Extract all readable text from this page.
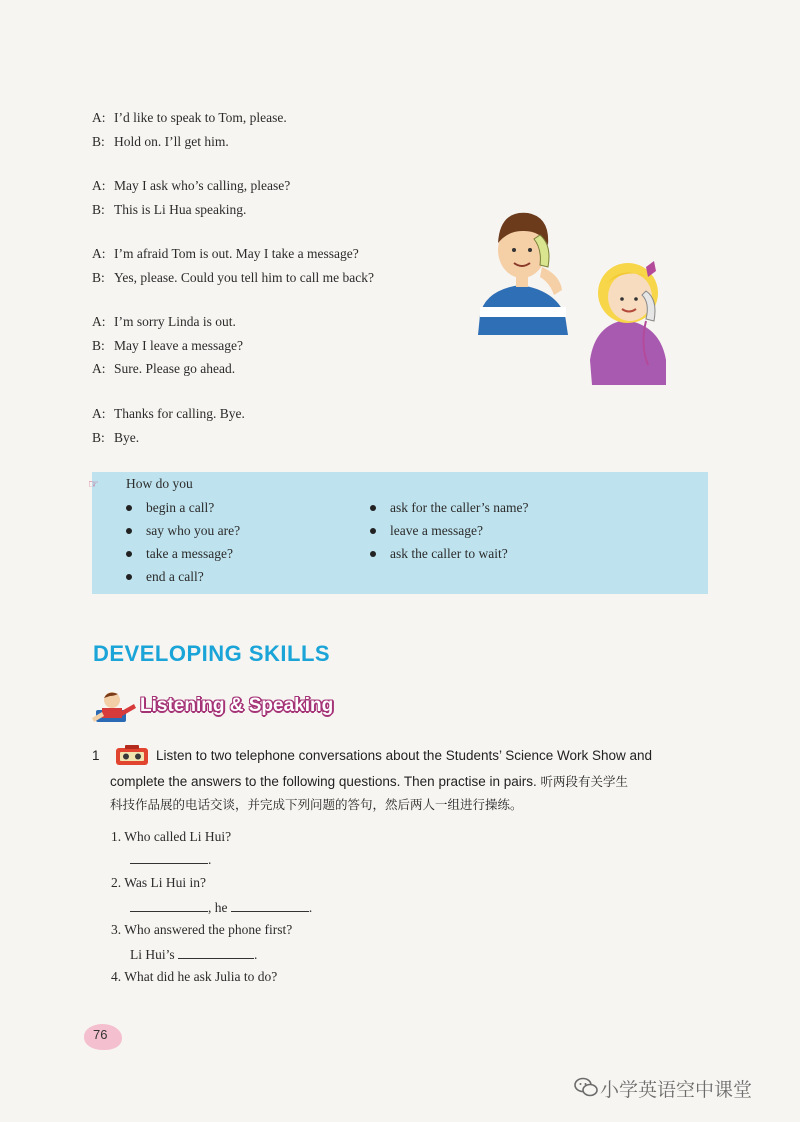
A: I’d like to speak to Tom, please.
B: Hold on. I’ll get him.
A: May I ask who’s calling, please?
B: This is Li Hua speaking.
A: I’m afraid Tom is out. May I take a message?
B: Yes, please. Could you tell him to call me back?
A: I’m sorry Linda is out.
B: May I leave a message?
A: Sure. Please go ahead.
A: Thanks for calling. Bye.
B: Bye.
☞ How do you
begin a call?
say who you are?
take a message?
end a call?
ask for the caller’s name?
leave a message?
ask the caller to wait?
DEVELOPING SKILLS
Listening & Speaking
1	Listen to two telephone conversations about the Students’ Science Work Show and
complete the answers to the following questions. Then practise in pairs. 听两段有关学生
科技作品展的电话交谈，并完成下列问题的答句，然后两人一组进行操练。
1. Who called Li Hui?
.
2. Was Li Hui in?
, he	.
3. Who answered the phone first?
Li Hui’s	.
4. What did he ask Julia to do?
76
小学英语空中课堂
